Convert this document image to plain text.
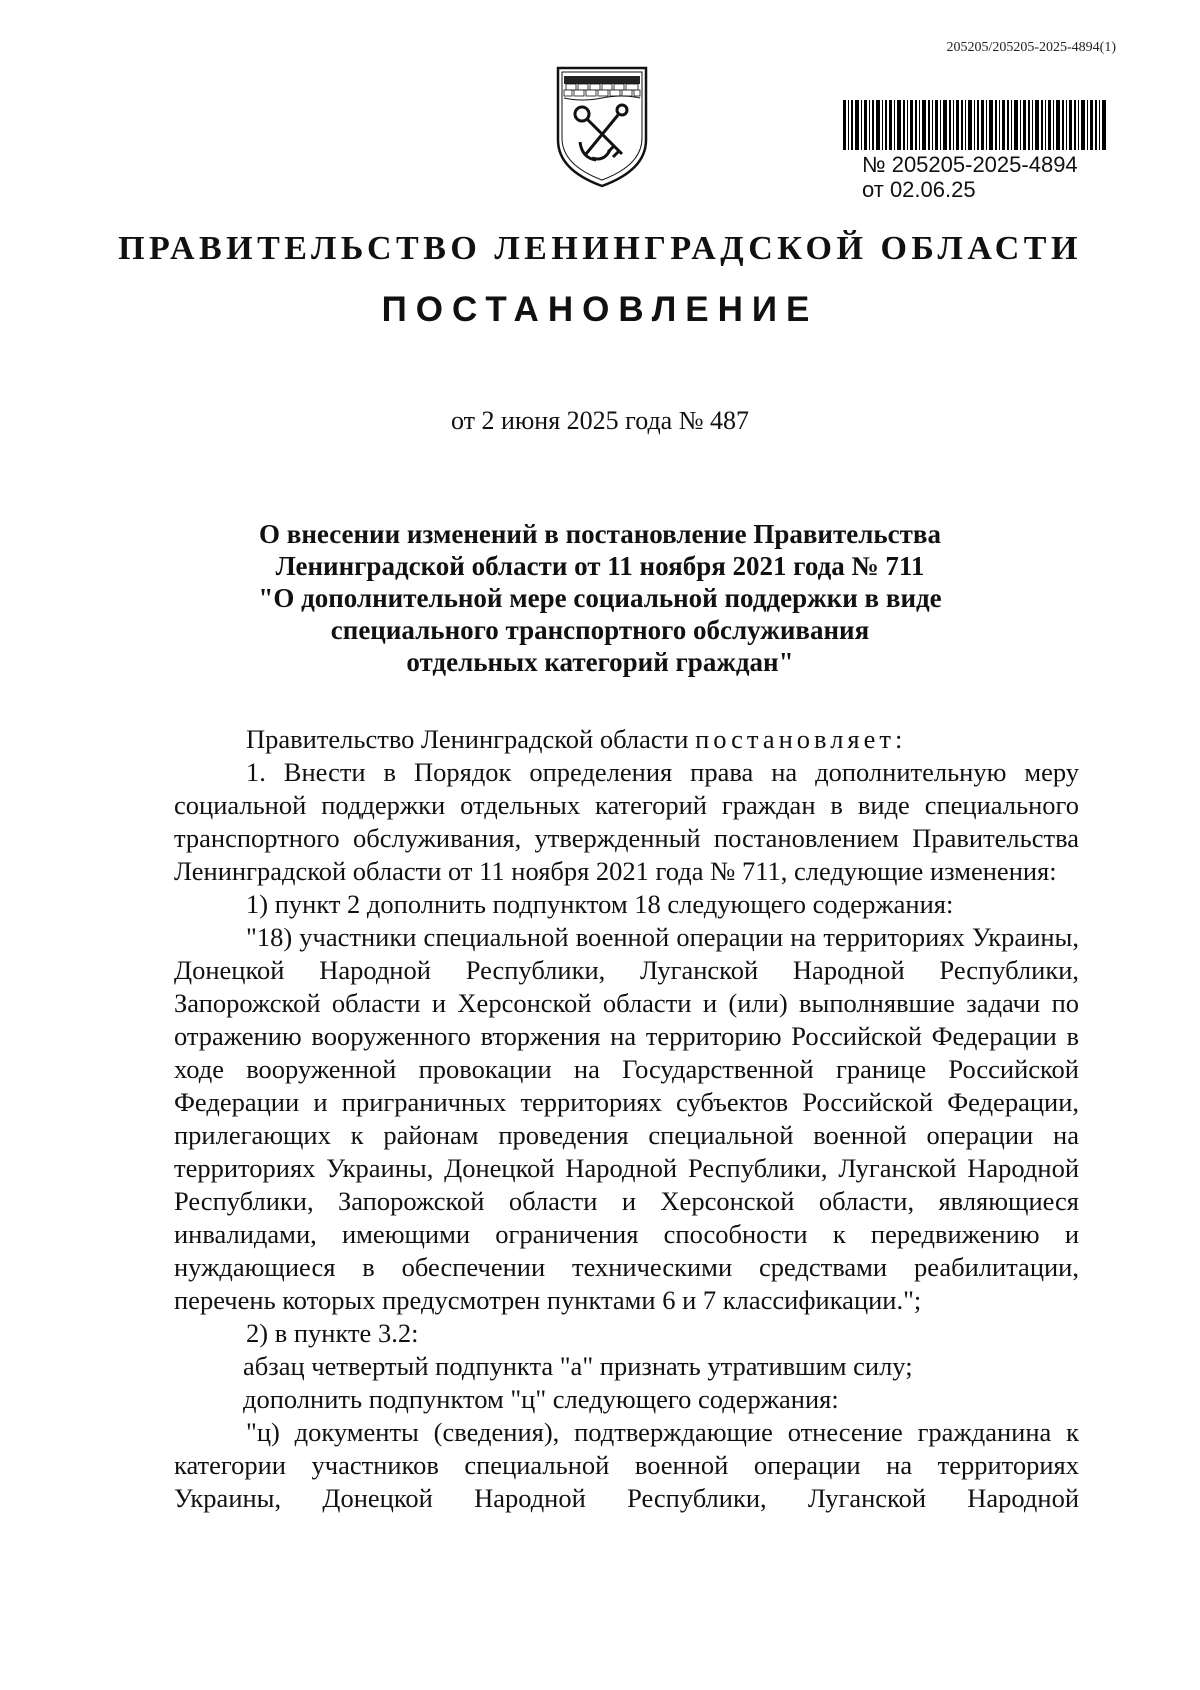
205205/205205-2025-4894(1)
№ 205205-2025-4894
от 02.06.25
ПРАВИТЕЛЬСТВО ЛЕНИНГРАДСКОЙ ОБЛАСТИ
ПОСТАНОВЛЕНИЕ
от 2 июня 2025 года № 487
О внесении изменений в постановление Правительства
Ленинградской области от 11 ноября 2021 года № 711
"О дополнительной мере социальной поддержки в виде
специального транспортного обслуживания
отдельных категорий граждан"

Правительство Ленинградской области постановляет:

1. Внести в Порядок определения права на дополнительную меру социальной поддержки отдельных категорий граждан в виде специального транспортного обслуживания, утвержденный постановлением Правительства Ленинградской области от 11 ноября 2021 года № 711, следующие изменения:

1) пункт 2 дополнить подпунктом 18 следующего содержания:

"18) участники специальной военной операции на территориях Украины, Донецкой Народной Республики, Луганской Народной Республики, Запорожской области и Херсонской области и (или) выполнявшие задачи по отражению вооруженного вторжения на территорию Российской Федерации в ходе вооруженной провокации на Государственной границе Российской Федерации и приграничных территориях субъектов Российской Федерации, прилегающих к районам проведения специальной военной операции на территориях Украины, Донецкой Народной Республики, Луганской Народной Республики, Запорожской области и Херсонской области, являющиеся инвалидами, имеющими ограничения способности к передвижению и нуждающиеся в обеспечении техническими средствами реабилитации, перечень которых предусмотрен пунктами 6 и 7 классификации.";

2) в пункте 3.2:

абзац четвертый подпункта "а" признать утратившим силу;

дополнить подпунктом "ц" следующего содержания:

"ц) документы (сведения), подтверждающие отнесение гражданина к категории участников специальной военной операции на территориях Украины, Донецкой Народной Республики, Луганской Народной
